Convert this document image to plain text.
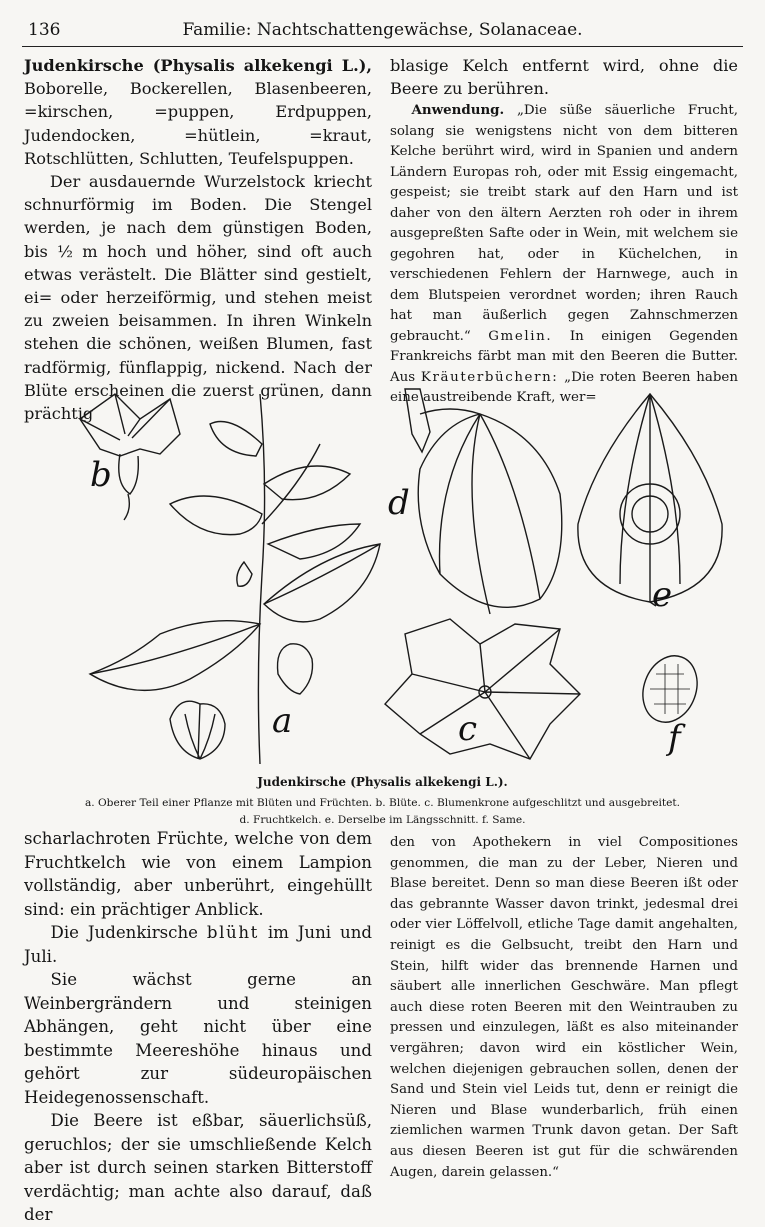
136	Familie: Nachtschattengewächse, Solanaceae.

Judenkirsche (Physalis alkekengi L.), Boborelle, Bockerellen, Blasenbeeren, =kirschen, =puppen, Erdpuppen, Judendocken, =hütlein, =kraut, Rotschlütten, Schlutten, Teufelspuppen.

Der ausdauernde Wurzelstock kriecht schnurförmig im Boden. Die Stengel werden, je nach dem günstigen Boden, bis ½ m hoch und höher, sind oft auch etwas verästelt. Die Blätter sind gestielt, ei= oder herzeiförmig, und stehen meist zu zweien beisammen. In ihren Winkeln stehen die schönen, weißen Blumen, fast radförmig, fünflappig, nickend. Nach der Blüte erscheinen die zuerst grünen, dann prächtig

blasige Kelch entfernt wird, ohne die Beere zu berühren.

Anwendung. „Die süße säuerliche Frucht, solang sie wenigstens nicht von dem bitteren Kelche berührt wird, wird in Spanien und andern Ländern Europas roh, oder mit Essig eingemacht, gespeist; sie treibt stark auf den Harn und ist daher von den ältern Aerzten roh oder in ihrem ausgepreßten Safte oder in Wein, mit welchem sie gegohren hat, oder in Küchelchen, in verschiedenen Fehlern der Harnwege, auch in dem Blutspeien verordnet worden; ihren Rauch hat man äußerlich gegen Zahnschmerzen gebraucht.“ Gmelin. In einigen Gegenden Frankreichs färbt man mit den Beeren die Butter. Aus Kräuterbüchern: „Die roten Beeren haben eine austreibende Kraft, wer=

a
b
c
d
e
f
Judenkirsche (Physalis alkekengi L.).
a. Oberer Teil einer Pflanze mit Blüten und Früchten. b. Blüte. c. Blumenkrone aufgeschlitzt und ausgebreitet.
d. Fruchtkelch. e. Derselbe im Längsschnitt. f. Same.

scharlachroten Früchte, welche von dem Fruchtkelch wie von einem Lampion vollständig, aber unberührt, eingehüllt sind: ein prächtiger Anblick.

Die Judenkirsche blüht im Juni und Juli.

Sie wächst gerne an Weinbergrändern und steinigen Abhängen, geht nicht über eine bestimmte Meereshöhe hinaus und gehört zur südeuropäischen Heidegenossenschaft.

Die Beere ist eßbar, säuerlichsüß, geruchlos; der sie umschließende Kelch aber ist durch seinen starken Bitterstoff verdächtig; man achte also darauf, daß der

den von Apothekern in viel Compositiones genommen, die man zu der Leber, Nieren und Blase bereitet. Denn so man diese Beeren ißt oder das gebrannte Wasser davon trinkt, jedesmal drei oder vier Löffelvoll, etliche Tage damit angehalten, reinigt es die Gelbsucht, treibt den Harn und Stein, hilft wider das brennende Harnen und säubert alle innerlichen Geschwäre. Man pflegt auch diese roten Beeren mit den Weintrauben zu pressen und einzulegen, läßt es also miteinander vergähren; davon wird ein köstlicher Wein, welchen diejenigen gebrauchen sollen, denen der Sand und Stein viel Leids tut, denn er reinigt die Nieren und Blase wunderbarlich, früh einen ziemlichen warmen Trunk davon getan. Der Saft aus diesen Beeren ist gut für die schwärenden Augen, darein gelassen.“
